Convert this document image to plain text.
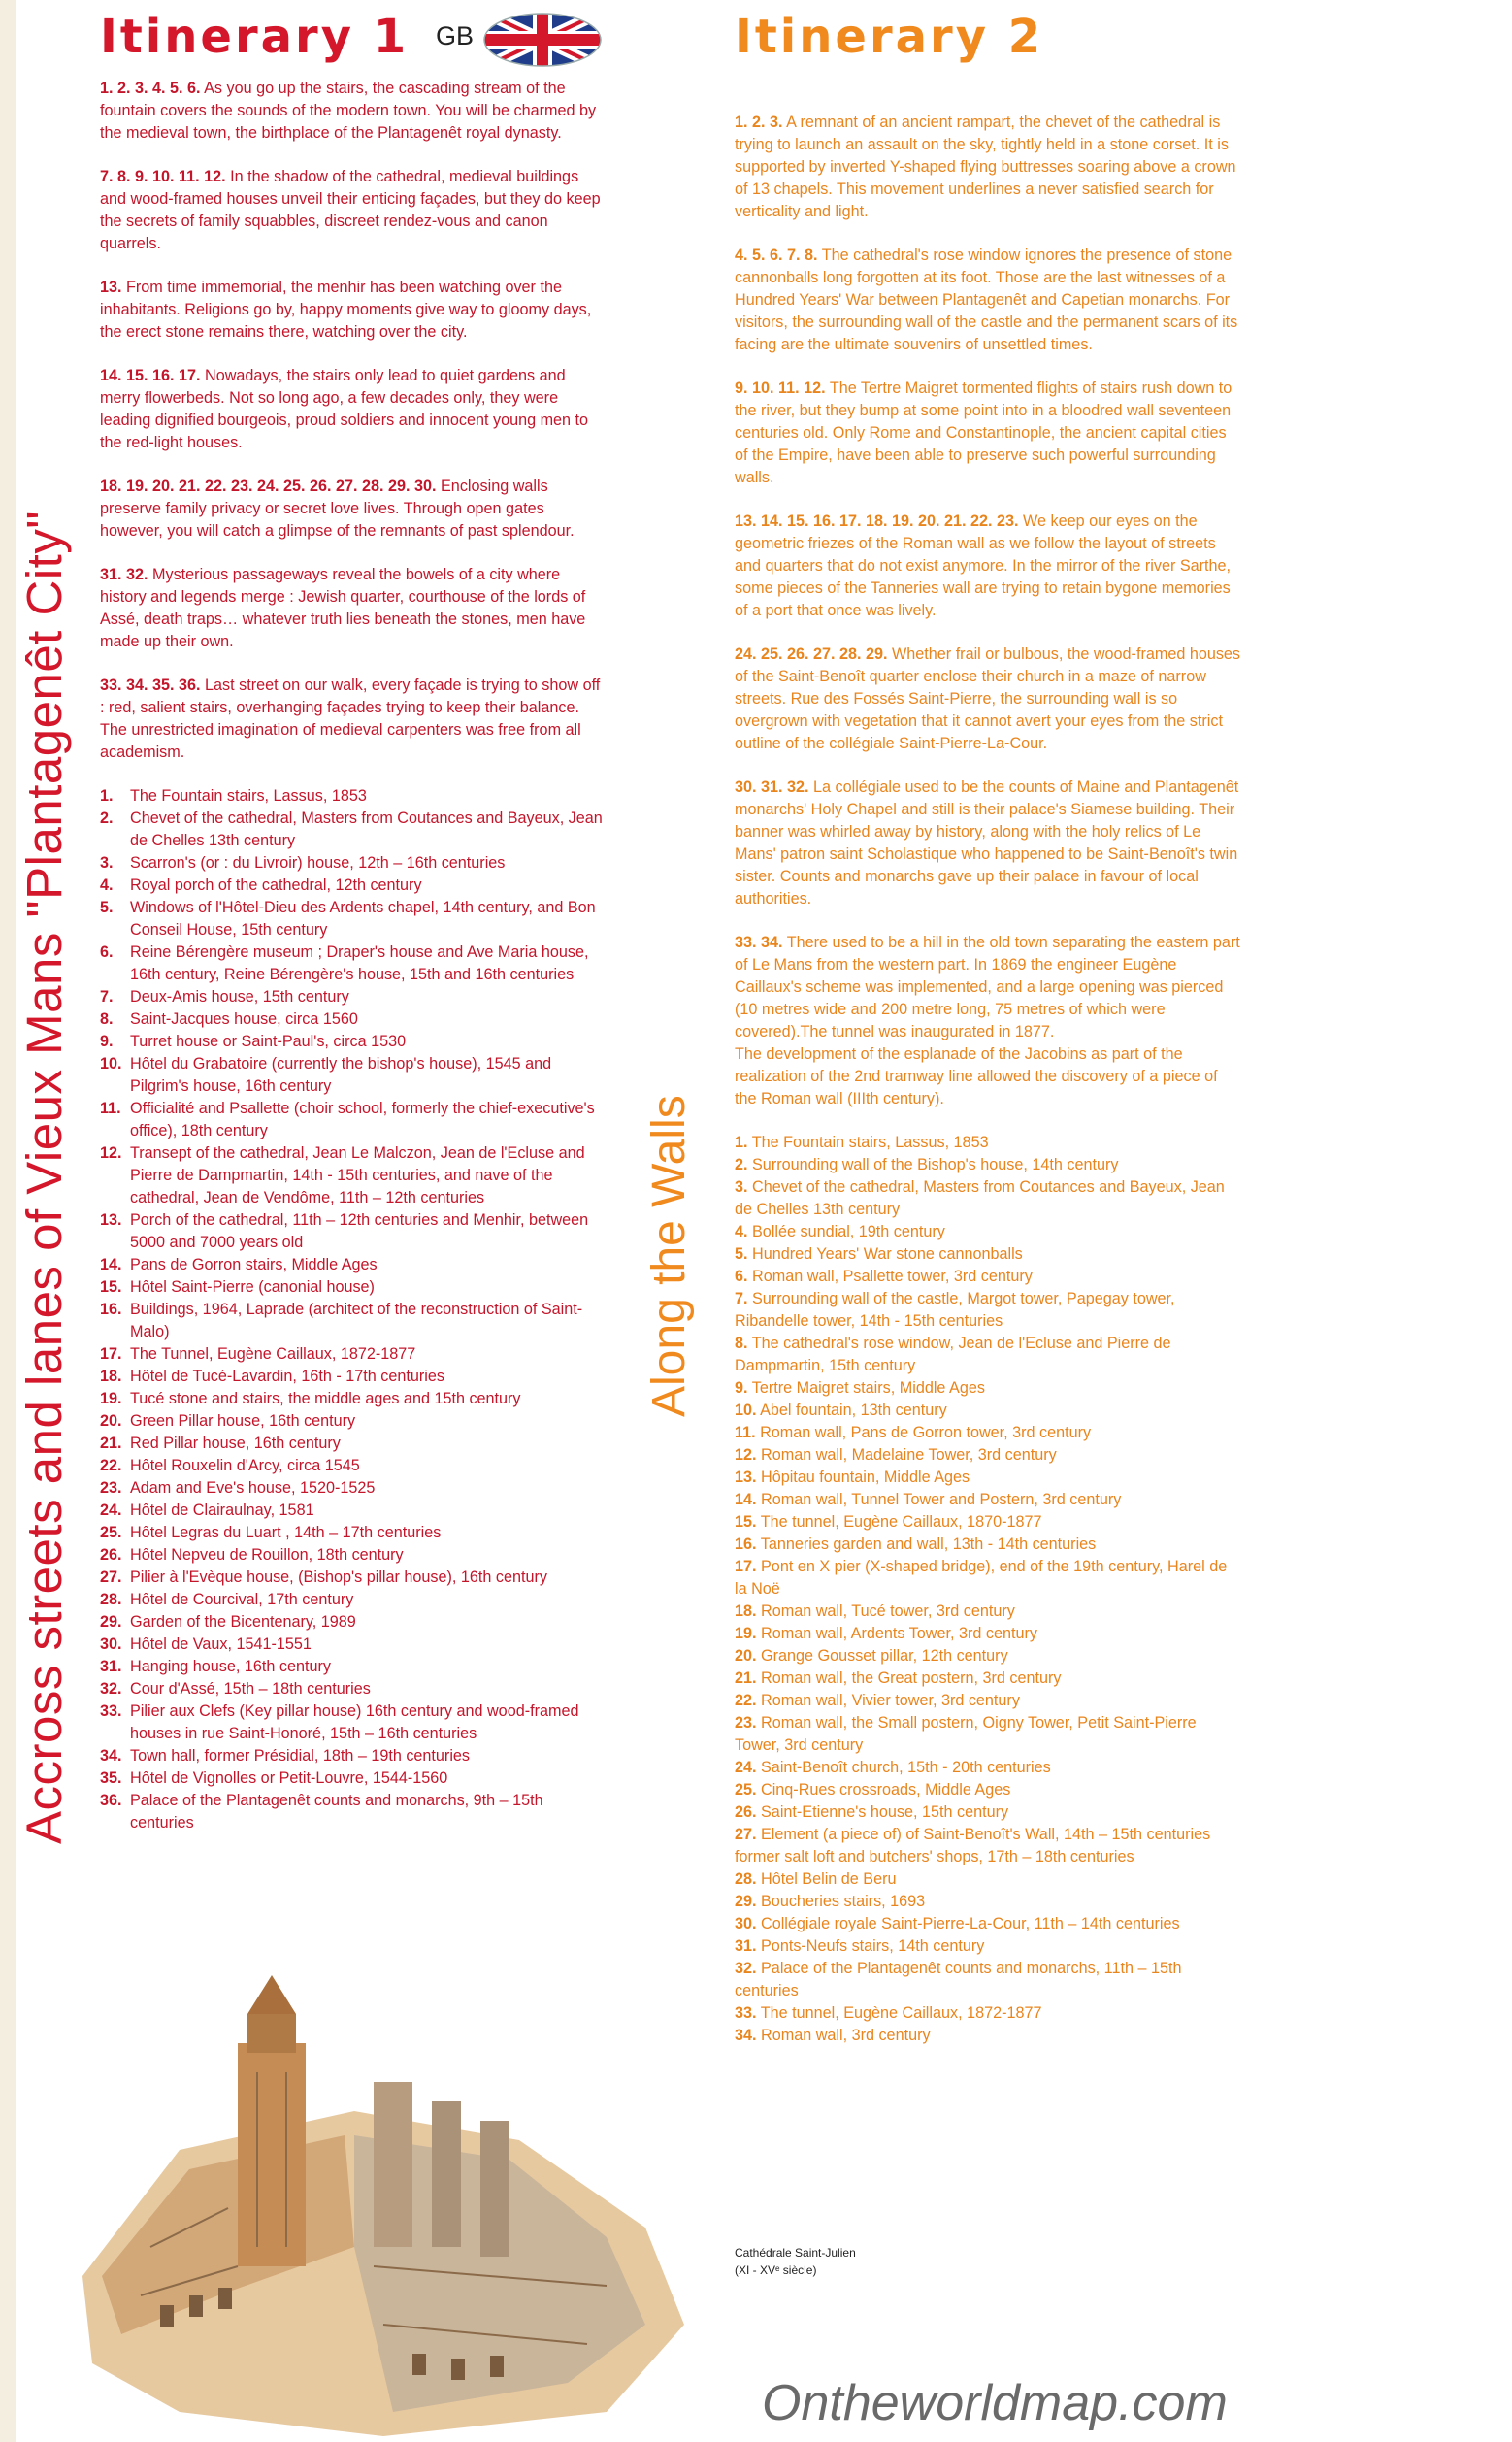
Accross streets and lanes of Vieux Mans "Plantagenêt City"	Along the Walls
Itinerary 1 GB	Itinerary 2

1. 2. 3. 4. 5. 6. As you go up the stairs, the cascading stream of the fountain covers the sounds of the modern town. You will be charmed by the medieval town, the birthplace of the Plantagenêt royal dynasty.

7. 8. 9. 10. 11. 12. In the shadow of the cathedral, medieval buildings and wood-framed houses unveil their enticing façades, but they do keep the secrets of family squabbles, discreet rendez-vous and canon quarrels.

13. From time immemorial, the menhir has been watching over the inhabitants. Religions go by, happy moments give way to gloomy days, the erect stone remains there, watching over the city.

14. 15. 16. 17. Nowadays, the stairs only lead to quiet gardens and merry flowerbeds. Not so long ago, a few decades only, they were leading dignified bourgeois, proud soldiers and innocent young men to the red-light houses.

18. 19. 20. 21. 22. 23. 24. 25. 26. 27. 28. 29. 30. Enclosing walls preserve family privacy or secret love lives. Through open gates however, you will catch a glimpse of the remnants of past splendour.

31. 32. Mysterious passageways reveal the bowels of a city where history and legends merge : Jewish quarter, courthouse of the lords of Assé, death traps… whatever truth lies beneath the stones, men have made up their own.

33. 34. 35. 36. Last street on our walk, every façade is trying to show off : red, salient stairs, overhanging façades trying to keep their balance. The unrestricted imagination of medieval carpenters was free from all academism.

1.	The Fountain stairs, Lassus, 1853
2.	Chevet of the cathedral, Masters from Coutances and Bayeux, Jean de Chelles 13th century
3.	Scarron's (or : du Livroir) house, 12th – 16th centuries
4.	Royal porch of the cathedral, 12th century
5.	Windows of l'Hôtel-Dieu des Ardents chapel, 14th century, and Bon Conseil House, 15th century
6.	Reine Bérengère museum ; Draper's house and Ave Maria house, 16th century, Reine Bérengère's house, 15th and 16th centuries
7.	Deux-Amis house, 15th century
8.	Saint-Jacques house, circa 1560
9.	Turret house or Saint-Paul's, circa 1530
10. Hôtel du Grabatoire (currently the bishop's house), 1545 and Pilgrim's house, 16th century
11. Officialité and Psallette (choir school, formerly the chief-executive's office), 18th century
12. Transept of the cathedral, Jean Le Malczon, Jean de l'Ecluse and Pierre de Dampmartin, 14th - 15th centuries, and nave of the cathedral, Jean de Vendôme, 11th – 12th centuries
13. Porch of the cathedral, 11th – 12th centuries and Menhir, between 5000 and 7000 years old
14. Pans de Gorron stairs, Middle Ages
15. Hôtel Saint-Pierre (canonial house)
16. Buildings, 1964, Laprade (architect of the reconstruction of Saint-Malo)
17. The Tunnel, Eugène Caillaux, 1872-1877
18. Hôtel de Tucé-Lavardin, 16th - 17th centuries
19. Tucé stone and stairs, the middle ages and 15th century
20. Green Pillar house, 16th century
21. Red Pillar house, 16th century
22. Hôtel Rouxelin d'Arcy, circa 1545
23. Adam and Eve's house, 1520-1525
24. Hôtel de Clairaulnay, 1581
25. Hôtel Legras du Luart , 14th – 17th centuries
26. Hôtel Nepveu de Rouillon, 18th century
27. Pilier à l'Evèque house, (Bishop's pillar house), 16th century
28. Hôtel de Courcival, 17th century
29. Garden of the Bicentenary, 1989
30. Hôtel de Vaux, 1541-1551
31. Hanging house, 16th century
32. Cour d'Assé, 15th – 18th centuries
33. Pilier aux Clefs (Key pillar house) 16th century and wood-framed houses in rue Saint-Honoré, 15th – 16th centuries
34. Town hall, former Présidial, 18th – 19th centuries
35. Hôtel de Vignolles or Petit-Louvre, 1544-1560
36. Palace of the Plantagenêt counts and monarchs, 9th – 15th centuries

1. 2. 3. A remnant of an ancient rampart, the chevet of the cathedral is trying to launch an assault on the sky, tightly held in a stone corset. It is supported by inverted Y-shaped flying buttresses soaring above a crown of 13 chapels. This movement underlines a never satisfied search for verticality and light.

4. 5. 6. 7. 8. The cathedral's rose window ignores the presence of stone cannonballs long forgotten at its foot. Those are the last witnesses of a Hundred Years' War between Plantagenêt and Capetian monarchs. For visitors, the surrounding wall of the castle and the permanent scars of its facing are the ultimate souvenirs of unsettled times.

9. 10. 11. 12. The Tertre Maigret tormented flights of stairs rush down to the river, but they bump at some point into in a bloodred wall seventeen centuries old. Only Rome and Constantinople, the ancient capital cities of the Empire, have been able to preserve such powerful surrounding walls.

13. 14. 15. 16. 17. 18. 19. 20. 21. 22. 23. We keep our eyes on the geometric friezes of the Roman wall as we follow the layout of streets and quarters that do not exist anymore. In the mirror of the river Sarthe, some pieces of the Tanneries wall are trying to retain bygone memories of a port that once was lively.

24. 25. 26. 27. 28. 29. Whether frail or bulbous, the wood-framed houses of the Saint-Benoît quarter enclose their church in a maze of narrow streets. Rue des Fossés Saint-Pierre, the surrounding wall is so overgrown with vegetation that it cannot avert your eyes from the strict outline of the collégiale Saint-Pierre-La-Cour.

30. 31. 32. La collégiale used to be the counts of Maine and Plantagenêt monarchs' Holy Chapel and still is their palace's Siamese building. Their banner was whirled away by history, along with the holy relics of Le Mans' patron saint Scholastique who happened to be Saint-Benoît's twin sister. Counts and monarchs gave up their palace in favour of local authorities.

33. 34. There used to be a hill in the old town separating the eastern part of Le Mans from the western part. In 1869 the engineer Eugène Caillaux's scheme was implemented, and a large opening was pierced (10 metres wide and 200 metre long, 75 metres of which were covered).The tunnel was inaugurated in 1877.
The development of the esplanade of the Jacobins as part of the realization of the 2nd tramway line allowed the discovery of a piece of the Roman wall (IIIth century).

1. The Fountain stairs, Lassus, 1853
2. Surrounding wall of the Bishop's house, 14th century
3. Chevet of the cathedral, Masters from Coutances and Bayeux, Jean de Chelles 13th century
4. Bollée sundial, 19th century
5. Hundred Years' War stone cannonballs
6. Roman wall, Psallette tower, 3rd century
7. Surrounding wall of the castle, Margot tower, Papegay tower, Ribandelle tower, 14th - 15th centuries
8. The cathedral's rose window, Jean de l'Ecluse and Pierre de Dampmartin, 15th century
9. Tertre Maigret stairs, Middle Ages
10. Abel fountain, 13th century
11. Roman wall, Pans de Gorron tower, 3rd century
12. Roman wall, Madelaine Tower, 3rd century
13. Hôpitau fountain, Middle Ages
14. Roman wall, Tunnel Tower and Postern, 3rd century
15. The tunnel, Eugène Caillaux, 1870-1877
16. Tanneries garden and wall, 13th - 14th centuries
17. Pont en X pier (X-shaped bridge), end of the 19th century, Harel de la Noë
18. Roman wall, Tucé tower, 3rd century
19. Roman wall, Ardents Tower, 3rd century
20. Grange Gousset pillar, 12th century
21. Roman wall, the Great postern, 3rd century
22. Roman wall, Vivier tower, 3rd century
23. Roman wall, the Small postern, Oigny Tower, Petit Saint-Pierre Tower, 3rd century
24. Saint-Benoît church, 15th - 20th centuries
25. Cinq-Rues crossroads, Middle Ages
26. Saint-Etienne's house, 15th century
27. Element (a piece of) of Saint-Benoît's Wall, 14th – 15th centuries former salt loft and butchers' shops, 17th – 18th centuries
28. Hôtel Belin de Beru
29. Boucheries stairs, 1693
30. Collégiale royale Saint-Pierre-La-Cour, 11th – 14th centuries
31. Ponts-Neufs stairs, 14th century
32. Palace of the Plantagenêt counts and monarchs, 11th – 15th centuries
33. The tunnel, Eugène Caillaux, 1872-1877
34. Roman wall, 3rd century
Cathédrale Saint-Julien
(XI - XVᵉ siècle)
Ontheworldmap.com
